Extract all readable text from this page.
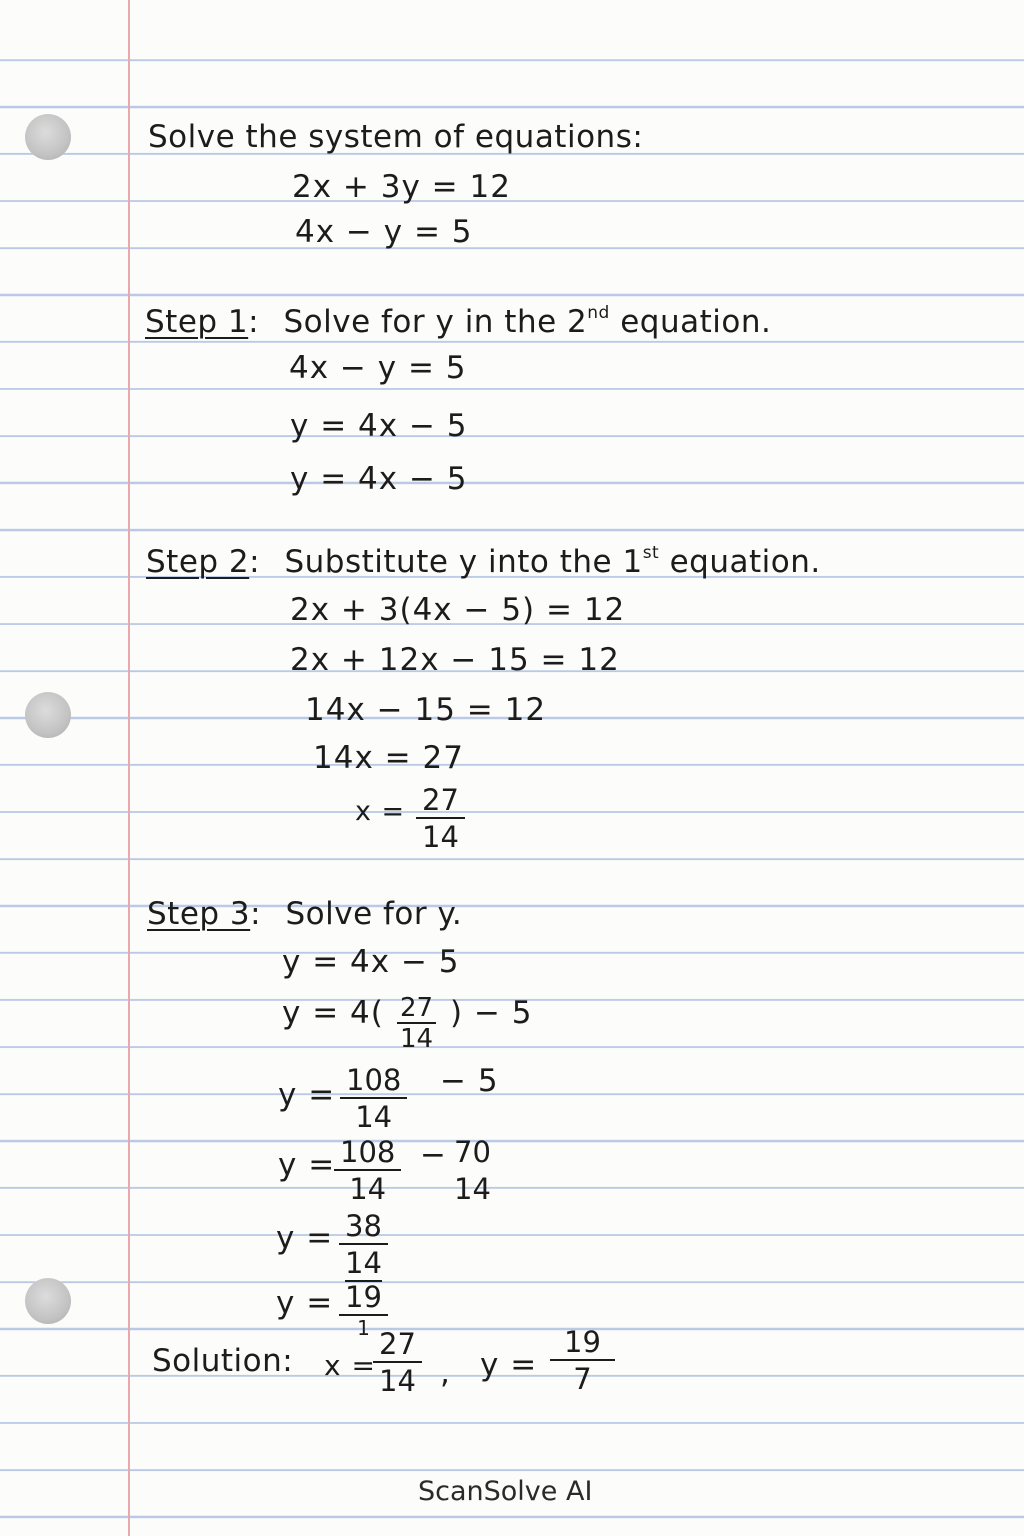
Solve the system of equations:
2x + 3y = 12
4x − y = 5
Step 1: Solve for y in the 2nd equation.
4x − y = 5
y = 4x − 5
y = 4x − 5
Step 2: Substitute y into the 1st equation.
2x + 3(4x − 5) = 12
2x + 12x − 15 = 12
14x − 15 = 12
14x = 27
$x = \frac{27}{14}$
Step 3: Solve for y.
y = 4x − 5
$y = 4( \frac{27}{14}$ ) − 5
$y = \frac{108}{14} - 5$
y =
$\frac{108}{14} - 70$
14
$y = \frac{38}{14}$
y = 19
1
Solution: x =
$\frac{27}{14}$ , $y = \frac{19}{7}$
ScanSolve AI
